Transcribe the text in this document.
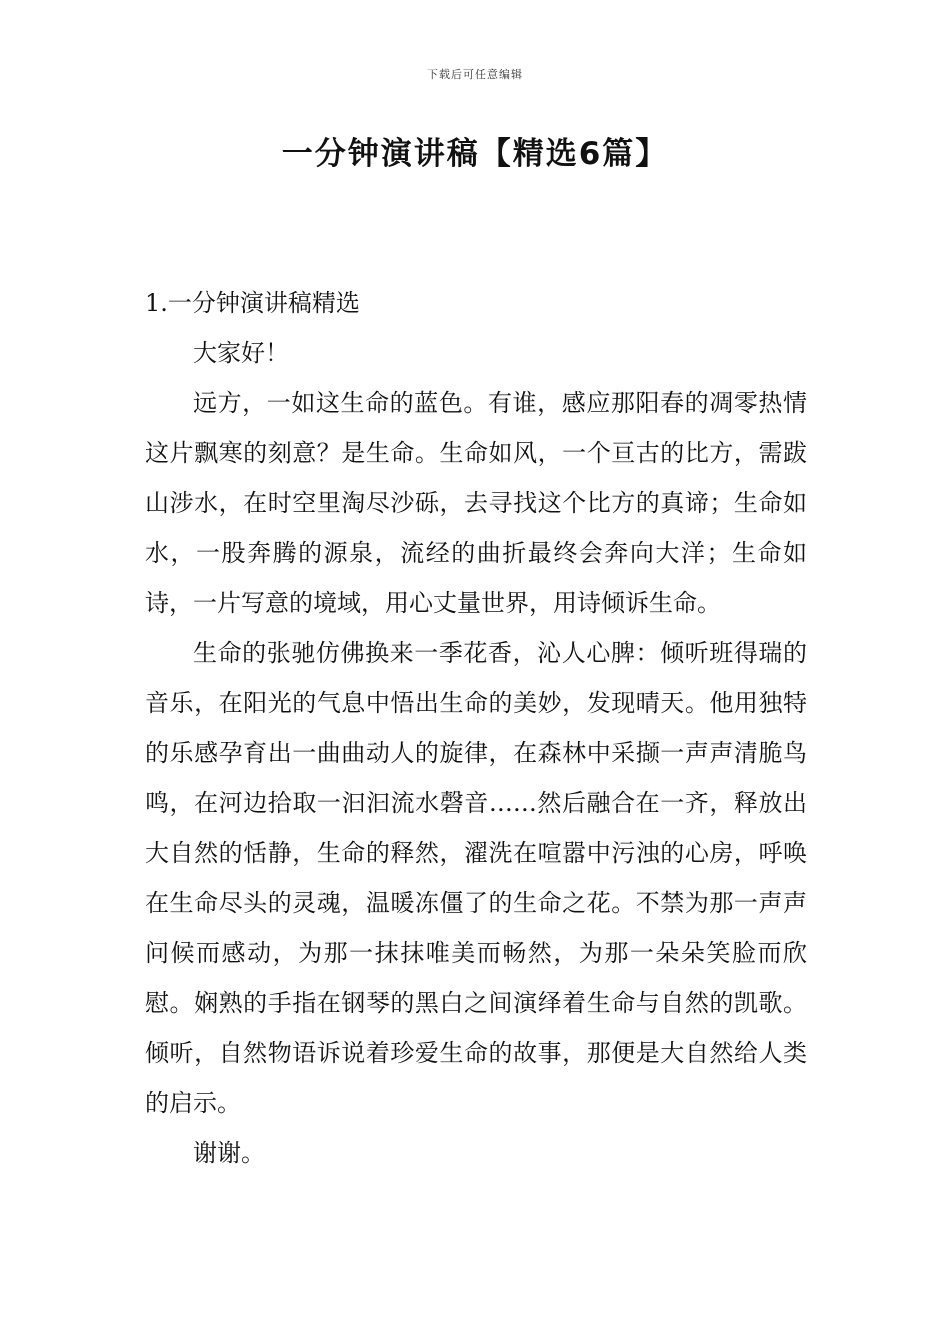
下载后可任意编辑
一分钟演讲稿【精选6篇】
1.一分钟演讲稿精选

大家好！

远方，一如这生命的蓝色。有谁，感应那阳春的凋零热情这片飘寒的刻意？是生命。生命如风，一个亘古的比方，需跋山涉水，在时空里淘尽沙砾，去寻找这个比方的真谛；生命如水，一股奔腾的源泉，流经的曲折最终会奔向大洋；生命如诗，一片写意的境域，用心丈量世界，用诗倾诉生命。

生命的张驰仿佛换来一季花香，沁人心脾：倾听班得瑞的音乐，在阳光的气息中悟出生命的美妙，发现晴天。他用独特的乐感孕育出一曲曲动人的旋律，在森林中采撷一声声清脆鸟鸣，在河边拾取一汩汩流水磬音……然后融合在一齐，释放出大自然的恬静，生命的释然，濯洗在喧嚣中污浊的心房，呼唤在生命尽头的灵魂，温暖冻僵了的生命之花。不禁为那一声声问候而感动，为那一抹抹唯美而畅然，为那一朵朵笑脸而欣慰。娴熟的手指在钢琴的黑白之间演绎着生命与自然的凯歌。倾听，自然物语诉说着珍爱生命的故事，那便是大自然给人类的启示。

谢谢。
